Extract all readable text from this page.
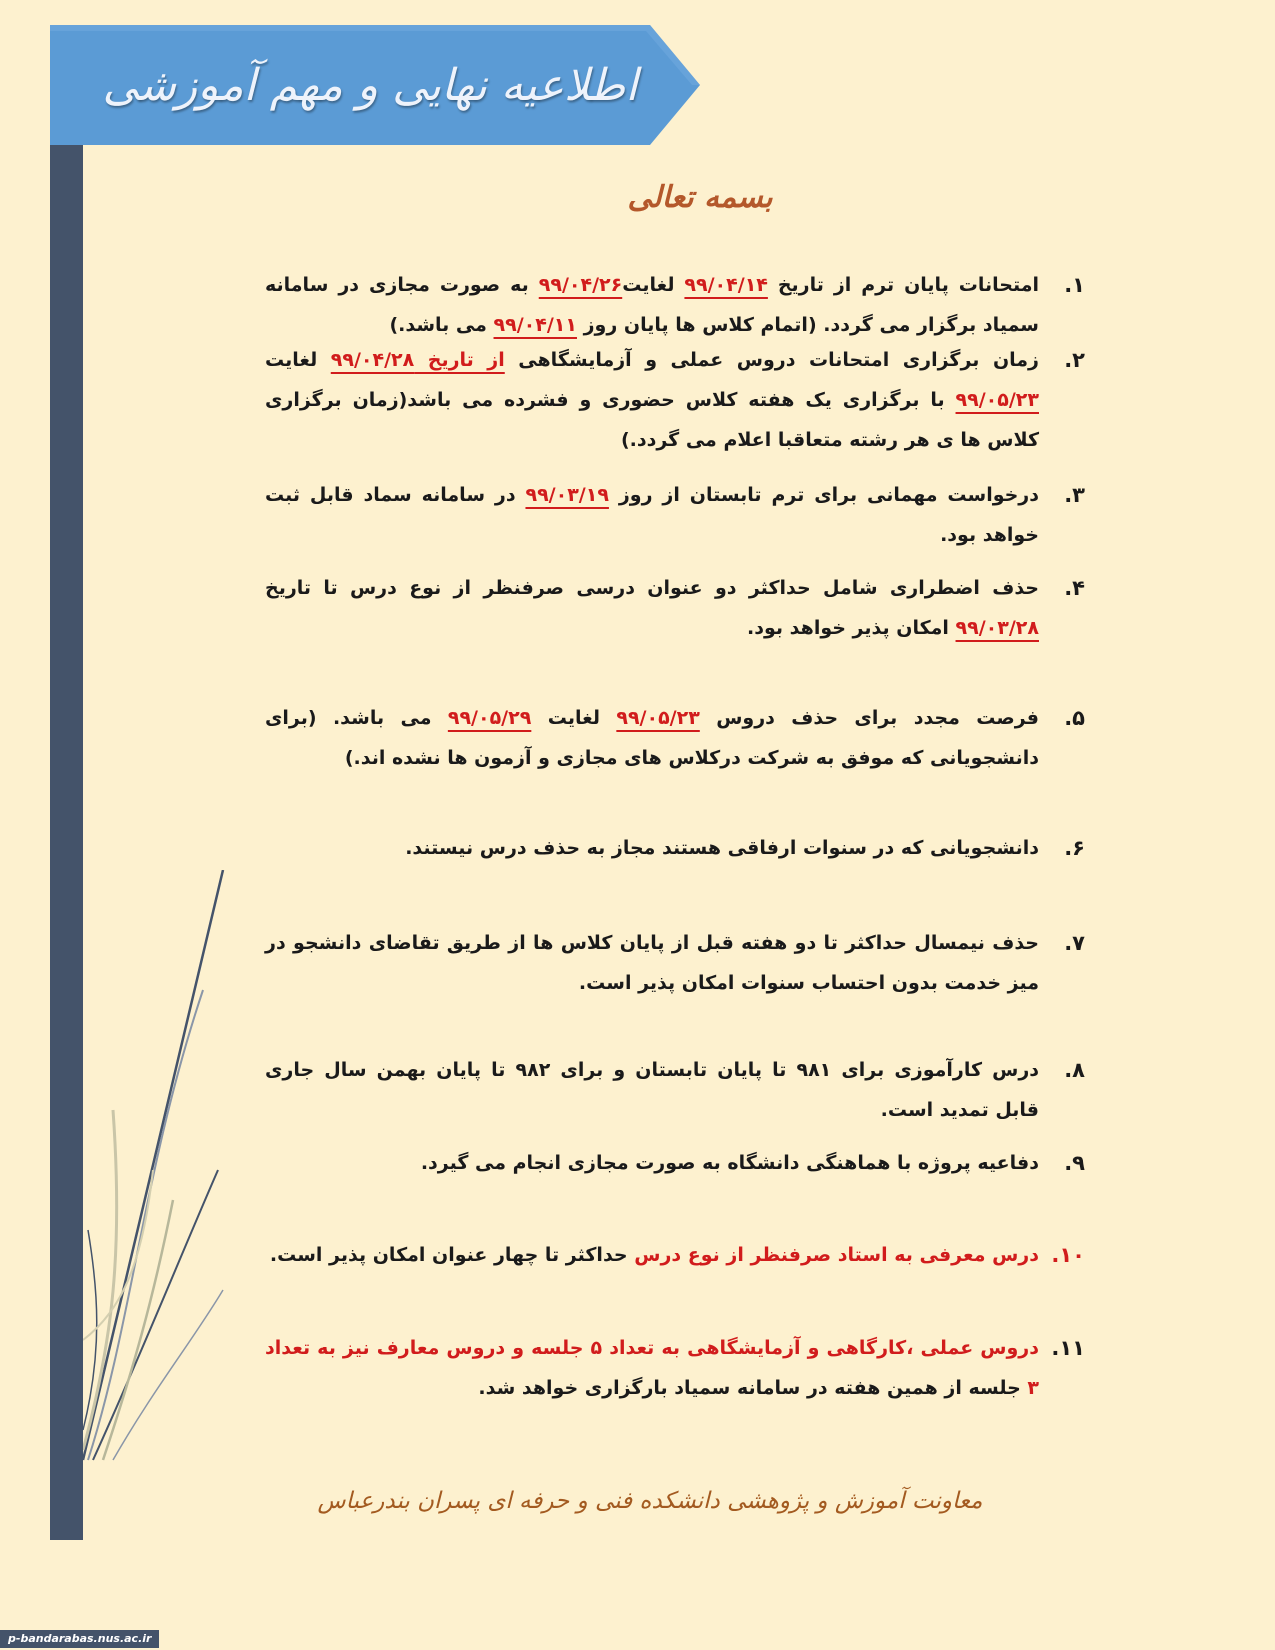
اطلاعیه نهایی و مهم آموزشی
بسمه تعالی
۱.
امتحانات پایان ترم از تاریخ ۹۹/۰۴/۱۴ لغایت۹۹/۰۴/۲۶ به صورت مجازی در سامانه سمیاد برگزار می گردد. (اتمام کلاس ها پایان روز ۹۹/۰۴/۱۱ می باشد.)
۲.
زمان برگزاری امتحانات دروس عملی و آزمایشگاهی از تاریخ ۹۹/۰۴/۲۸ لغایت ۹۹/۰۵/۲۳ با برگزاری یک هفته کلاس حضوری و فشرده می باشد(زمان برگزاری کلاس ها ی هر رشته متعاقبا اعلام می گردد.)
۳.
درخواست مهمانی برای ترم تابستان از روز ۹۹/۰۳/۱۹ در سامانه سماد قابل ثبت خواهد بود.
۴.
حذف اضطراری شامل حداکثر دو عنوان درسی صرفنظر از نوع درس تا تاریخ ۹۹/۰۳/۲۸ امکان پذیر خواهد بود.
۵.
فرصت مجدد برای حذف دروس ۹۹/۰۵/۲۳ لغایت ۹۹/۰۵/۲۹ می باشد. (برای دانشجویانی که موفق به شرکت درکلاس های مجازی و آزمون ها نشده اند.)
۶.
دانشجویانی که در سنوات ارفاقی هستند مجاز به حذف درس نیستند.
۷.
حذف نیمسال حداکثر تا دو هفته قبل از پایان کلاس ها از طریق تقاضای دانشجو در میز خدمت بدون احتساب سنوات امکان پذیر است.
۸.
درس کارآموزی برای ۹۸۱ تا پایان تابستان و برای ۹۸۲ تا پایان بهمن سال جاری قابل تمدید است.
۹.
دفاعیه پروژه با هماهنگی دانشگاه به صورت مجازی انجام می گیرد.
۱۰.
درس معرفی به استاد صرفنظر از نوع درس حداکثر تا چهار عنوان امکان پذیر است.
۱۱.
دروس عملی ،کارگاهی و آزمایشگاهی به تعداد ۵ جلسه و دروس معارف نیز به تعداد ۳ جلسه از همین هفته در سامانه سمیاد بارگزاری خواهد شد.
معاونت آموزش و پژوهشی دانشکده فنی و حرفه ای پسران بندرعباس
p-bandarabas.nus.ac.ir
